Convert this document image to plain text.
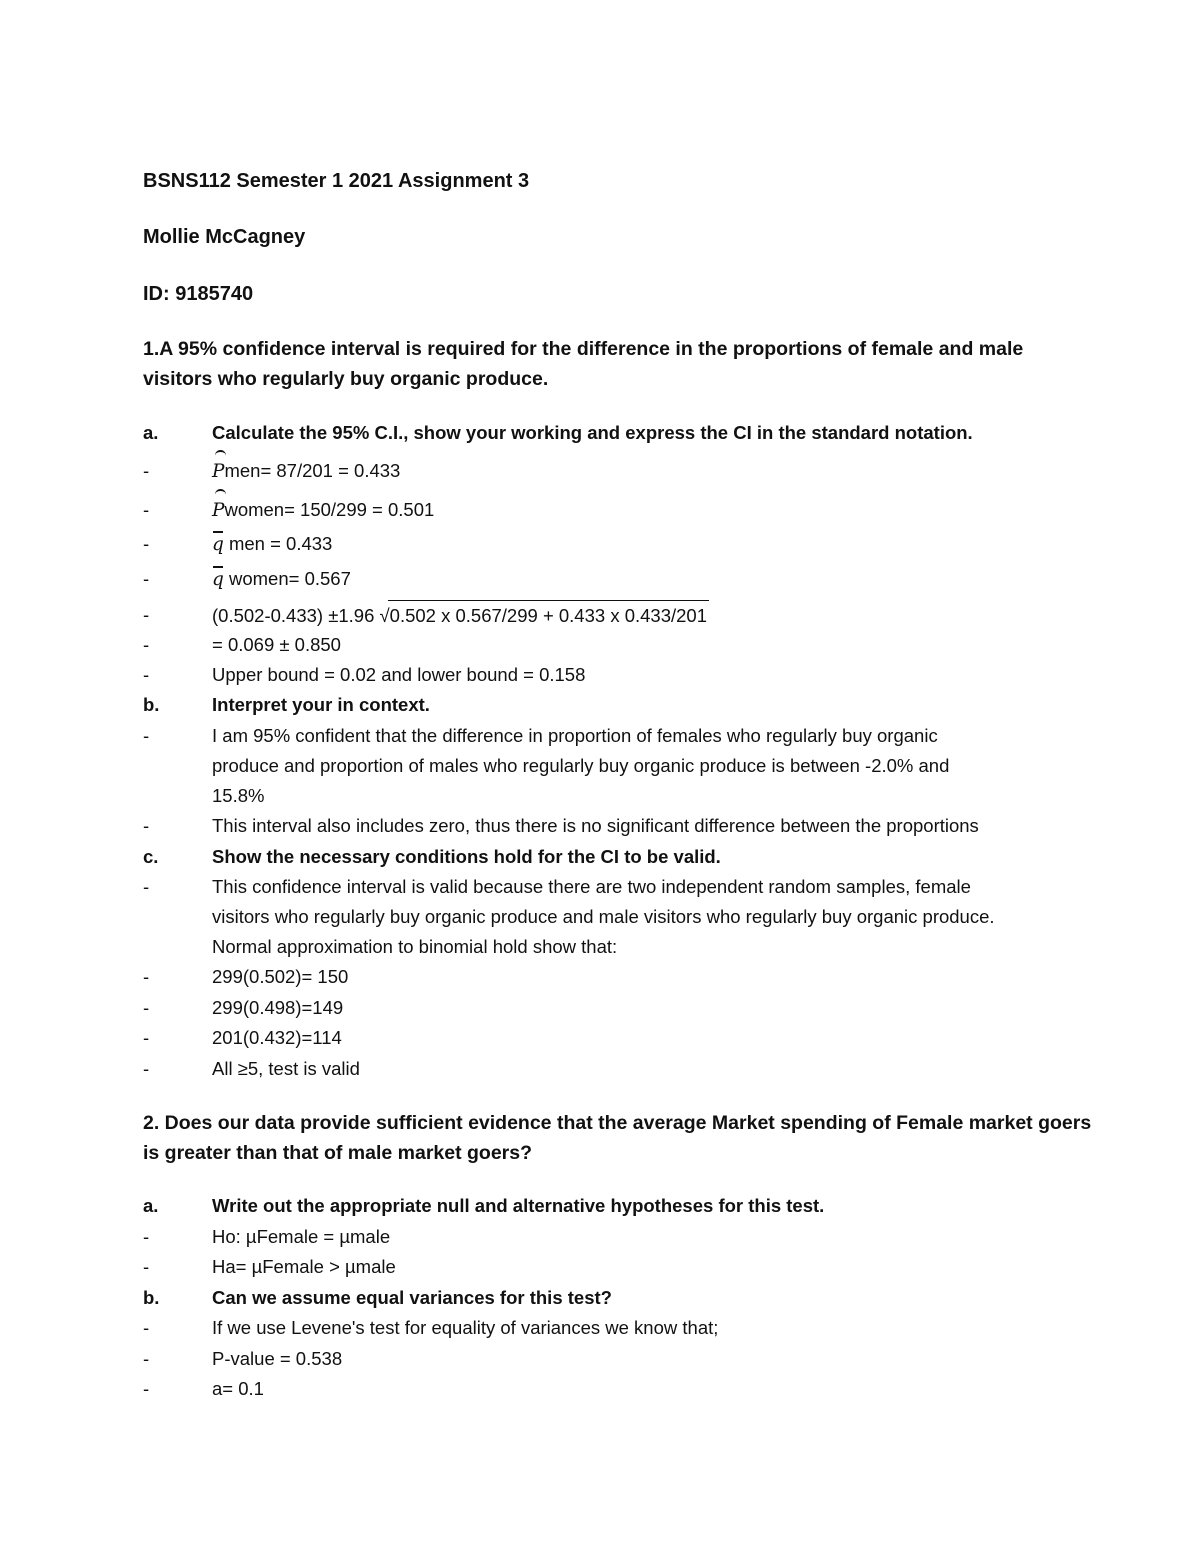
BSNS112 Semester 1 2021 Assignment 3
Mollie McCagney
ID: 9185740
1.A 95% confidence interval is required for the difference in the proportions of female and male
visitors who regularly buy organic produce.
a.	Calculate the 95% C.I., show your working and express the CI in the standard notation.
-	Pmen= 87/201 = 0.433
-	Pwomen= 150/299 = 0.501
-	q men = 0.433
-	q women= 0.567
-	(0.502-0.433) ±1.96 √0.502 x 0.567/299 + 0.433 x 0.433/201
-	= 0.069 ± 0.850
-	Upper bound = 0.02 and lower bound = 0.158
b.	Interpret your in context.
-	I am 95% confident that the difference in proportion of females who regularly buy organic
produce and proportion of males who regularly buy organic produce is between -2.0% and
15.8%
-	This interval also includes zero, thus there is no significant difference between the proportions
c.	Show the necessary conditions hold for the CI to be valid.
-	This confidence interval is valid because there are two independent random samples, female
visitors who regularly buy organic produce and male visitors who regularly buy organic produce.
Normal approximation to binomial hold show that:
-	299(0.502)= 150
-	299(0.498)=149
-	201(0.432)=114
-	All ≥5, test is valid
2. Does our data provide sufficient evidence that the average Market spending of Female market goers
is greater than that of male market goers?
a.	Write out the appropriate null and alternative hypotheses for this test.
-	Ho: µFemale = µmale
-	Ha= µFemale > µmale
b.	Can we assume equal variances for this test?
-	If we use Levene's test for equality of variances we know that;
-	P-value = 0.538
-	a= 0.1
